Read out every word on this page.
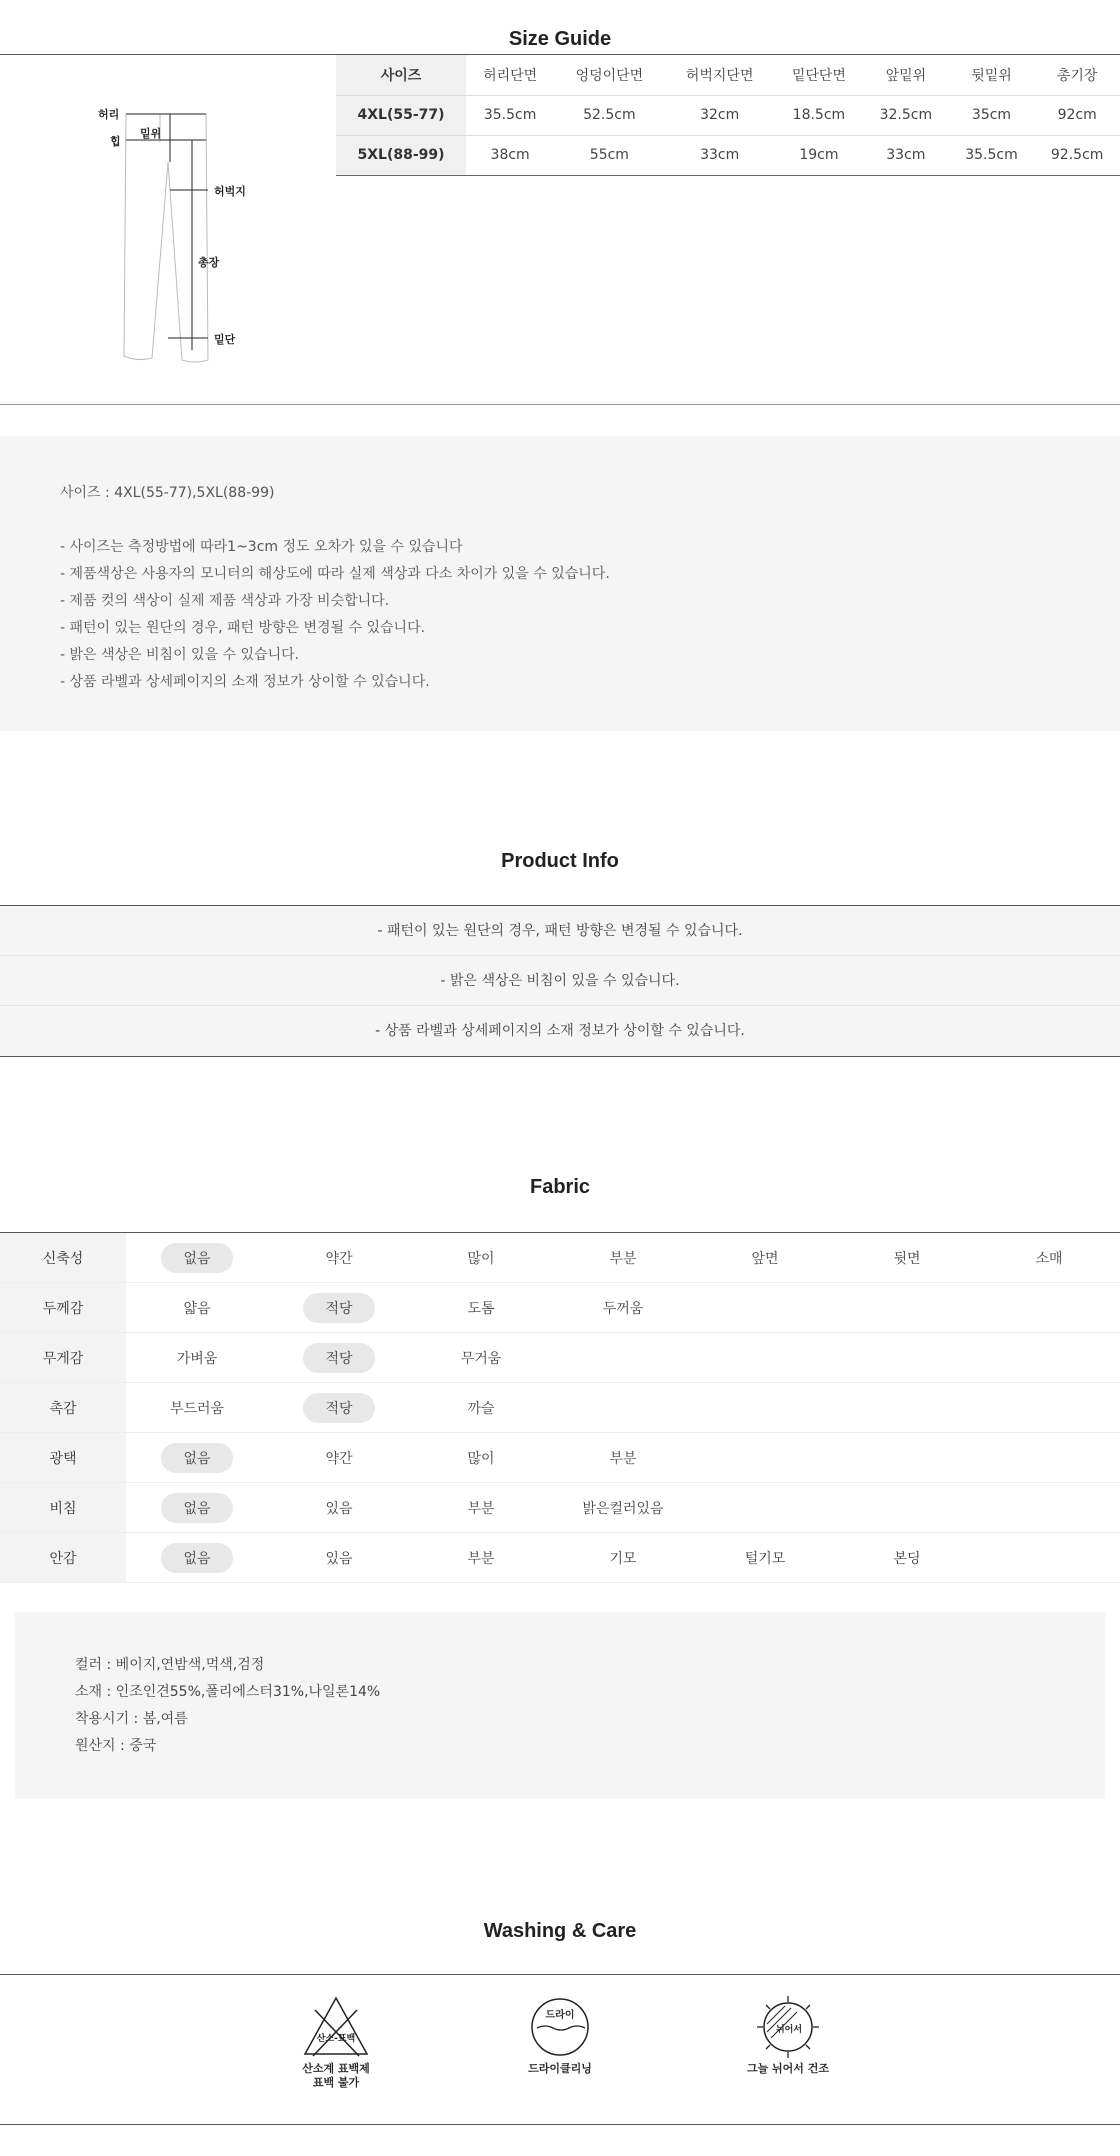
Size Guide
허리
힙
밑위
허벅지
총장
밑단
사이즈	허리단면	엉덩이단면	허벅지단면	밑단단면	앞밑위	뒷밑위	총기장
4XL(55-77)	35.5cm	52.5cm	32cm	18.5cm	32.5cm	35cm	92cm
5XL(88-99)	38cm	55cm	33cm	19cm	33cm	35.5cm	92.5cm
사이즈 : 4XL(55-77),5XL(88-99)
- 사이즈는 측정방법에 따라1~3cm 정도 오차가 있을 수 있습니다
- 제품색상은 사용자의 모니터의 해상도에 따라 실제 색상과 다소 차이가 있을 수 있습니다.
- 제품 컷의 색상이 실제 제품 색상과 가장 비슷합니다.
- 패턴이 있는 원단의 경우, 패턴 방향은 변경될 수 있습니다.
- 밝은 색상은 비침이 있을 수 있습니다.
- 상품 라벨과 상세페이지의 소재 정보가 상이할 수 있습니다.
Product Info
- 패턴이 있는 원단의 경우, 패턴 방향은 변경될 수 있습니다.
- 밝은 색상은 비침이 있을 수 있습니다.
- 상품 라벨과 상세페이지의 소재 정보가 상이할 수 있습니다.
Fabric
신축성	없음	약간	많이	부분	앞면	뒷면	소매
두께감	얇음	적당	도톰	두꺼움			
무게감	가벼움	적당	무거움				
촉감	부드러움	적당	까슬				
광택	없음	약간	많이	부분			
비침	없음	있음	부분	밝은컬러있음			
안감	없음	있음	부분	기모	털기모	본딩	
컬러 : 베이지,연밤색,먹색,검정
소재 : 인조인견55%,폴리에스터31%,나일론14%
착용시기 : 봄,여름
원산지 : 중국
Washing & Care
산소-표백
산소계 표백제
표백 불가
드라이
드라이클리닝
뉘어서
그늘 뉘어서 건조
